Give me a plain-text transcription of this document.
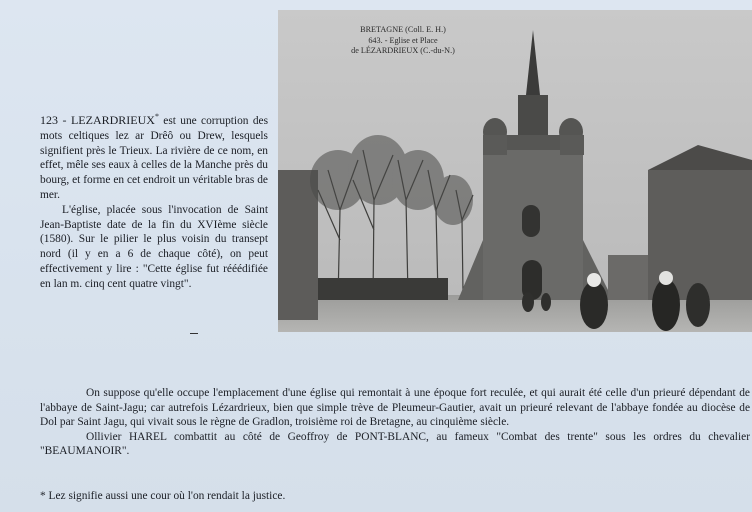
123 - LEZARDRIEUX* est une corruption des mots celtiques lez ar Drêô ou Drew, lesquels signifient près le Trieux. La rivière de ce nom, en effet, mêle ses eaux à celles de la Manche près du bourg, et forme en cet endroit un véritable bras de mer.

L'église, placée sous l'invocation de Saint Jean-Baptiste date de la fin du XVIème siècle (1580). Sur le pilier le plus voisin du transept nord (il y en a 6 de chaque côté), on peut effectivement y lire : "Cette église fut rééédifiée en lan m. cinq cent quatre vingt".

BRETAGNE (Coll. E. H.)
643. - Eglise et Place
de LÉZARDRIEUX (C.-du-N.)

On suppose qu'elle occupe l'emplacement d'une église qui remontait à une époque fort reculée, et qui aurait été celle d'un prieuré dépendant de l'abbaye de Saint-Jagu; car autrefois Lézardrieux, bien que simple trève de Pleumeur-Gautier, avait un prieuré relevant de l'abbaye fondée au diocèse de Dol par Saint Jagu, qui vivait sous le règne de Gradlon, troisième roi de Bretagne, au cinquième siècle.

Ollivier HAREL combattit au côté de Geoffroy de PONT-BLANC, au fameux "Combat des trente" sous les ordres du chevalier "BEAUMANOIR".

* Lez signifie aussi une cour où l'on rendait la justice.
